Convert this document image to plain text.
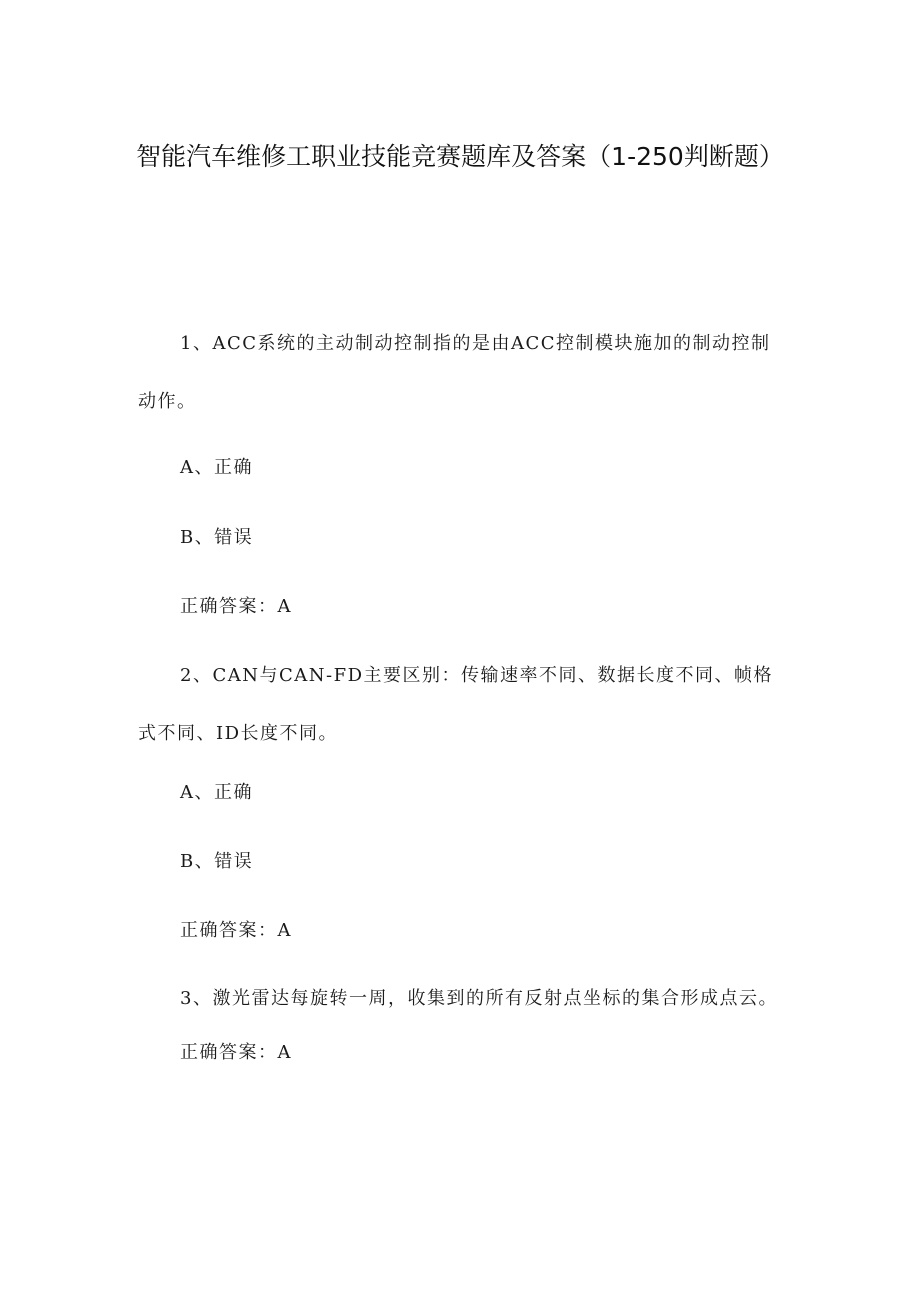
智能汽车维修工职业技能竞赛题库及答案（1-250判断题）

1、ACC系统的主动制动控制指的是由ACC控制模块施加的制动控制动作。

A、正确

B、错误

正确答案：A

2、CAN与CAN-FD主要区别：传输速率不同、数据长度不同、帧格式不同、ID长度不同。

A、正确

B、错误

正确答案：A

3、激光雷达每旋转一周，收集到的所有反射点坐标的集合形成点云。

正确答案：A
